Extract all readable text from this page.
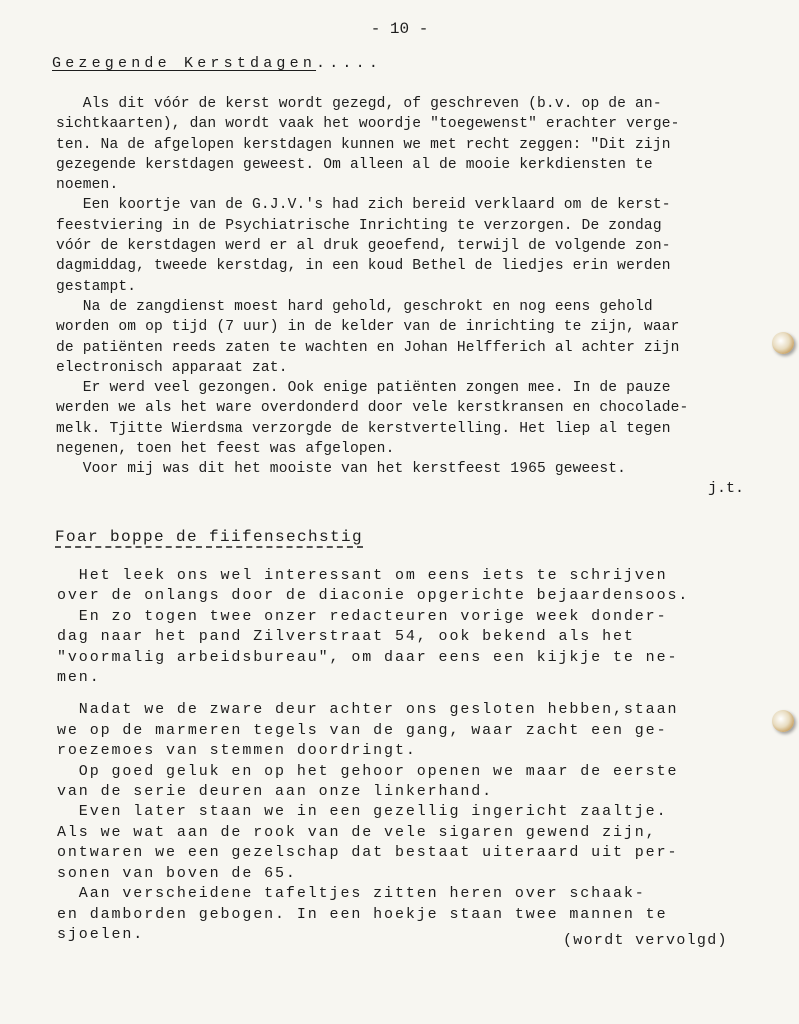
- 10 -
Gezegende Kerstdagen.....
Als dit vóór de kerst wordt gezegd, of geschreven (b.v. op de an-
sichtkaarten), dan wordt vaak het woordje "toegewenst" erachter verge-
ten. Na de afgelopen kerstdagen kunnen we met recht zeggen: "Dit zijn
gezegende kerstdagen geweest. Om alleen al de mooie kerkdiensten te
noemen.
Een koortje van de G.J.V.'s had zich bereid verklaard om de kerst-
feestviering in de Psychiatrische Inrichting te verzorgen. De zondag
vóór de kerstdagen werd er al druk geoefend, terwijl de volgende zon-
dagmiddag, tweede kerstdag, in een koud Bethel de liedjes erin werden
gestampt.
Na de zangdienst moest hard gehold, geschrokt en nog eens gehold
worden om op tijd (7 uur) in de kelder van de inrichting te zijn, waar
de patiënten reeds zaten te wachten en Johan Helfferich al achter zijn
electronisch apparaat zat.
Er werd veel gezongen. Ook enige patiënten zongen mee. In de pauze
werden we als het ware overdonderd door vele kerstkransen en chocolade-
melk. Tjitte Wierdsma verzorgde de kerstvertelling. Het liep al tegen
negenen, toen het feest was afgelopen.
Voor mij was dit het mooiste van het kerstfeest 1965 geweest.
j.t.
Foar boppe de fiifensechstig
Het leek ons wel interessant om eens iets te schrijven
over de onlangs door de diaconie opgerichte bejaardensoos.
En zo togen twee onzer redacteuren vorige week donder-
dag naar het pand Zilverstraat 54, ook bekend als het
"voormalig arbeidsbureau", om daar eens een kijkje te ne-
men.
Nadat we de zware deur achter ons gesloten hebben,staan
we op de marmeren tegels van de gang, waar zacht een ge-
roezemoes van stemmen doordringt.
Op goed geluk en op het gehoor openen we maar de eerste
van de serie deuren aan onze linkerhand.
Even later staan we in een gezellig ingericht zaaltje.
Als we wat aan de rook van de vele sigaren gewend zijn,
ontwaren we een gezelschap dat bestaat uiteraard uit per-
sonen van boven de 65.
Aan verscheidene tafeltjes zitten heren over schaak-
en damborden gebogen. In een hoekje staan twee mannen te
sjoelen.	(wordt vervolgd)
